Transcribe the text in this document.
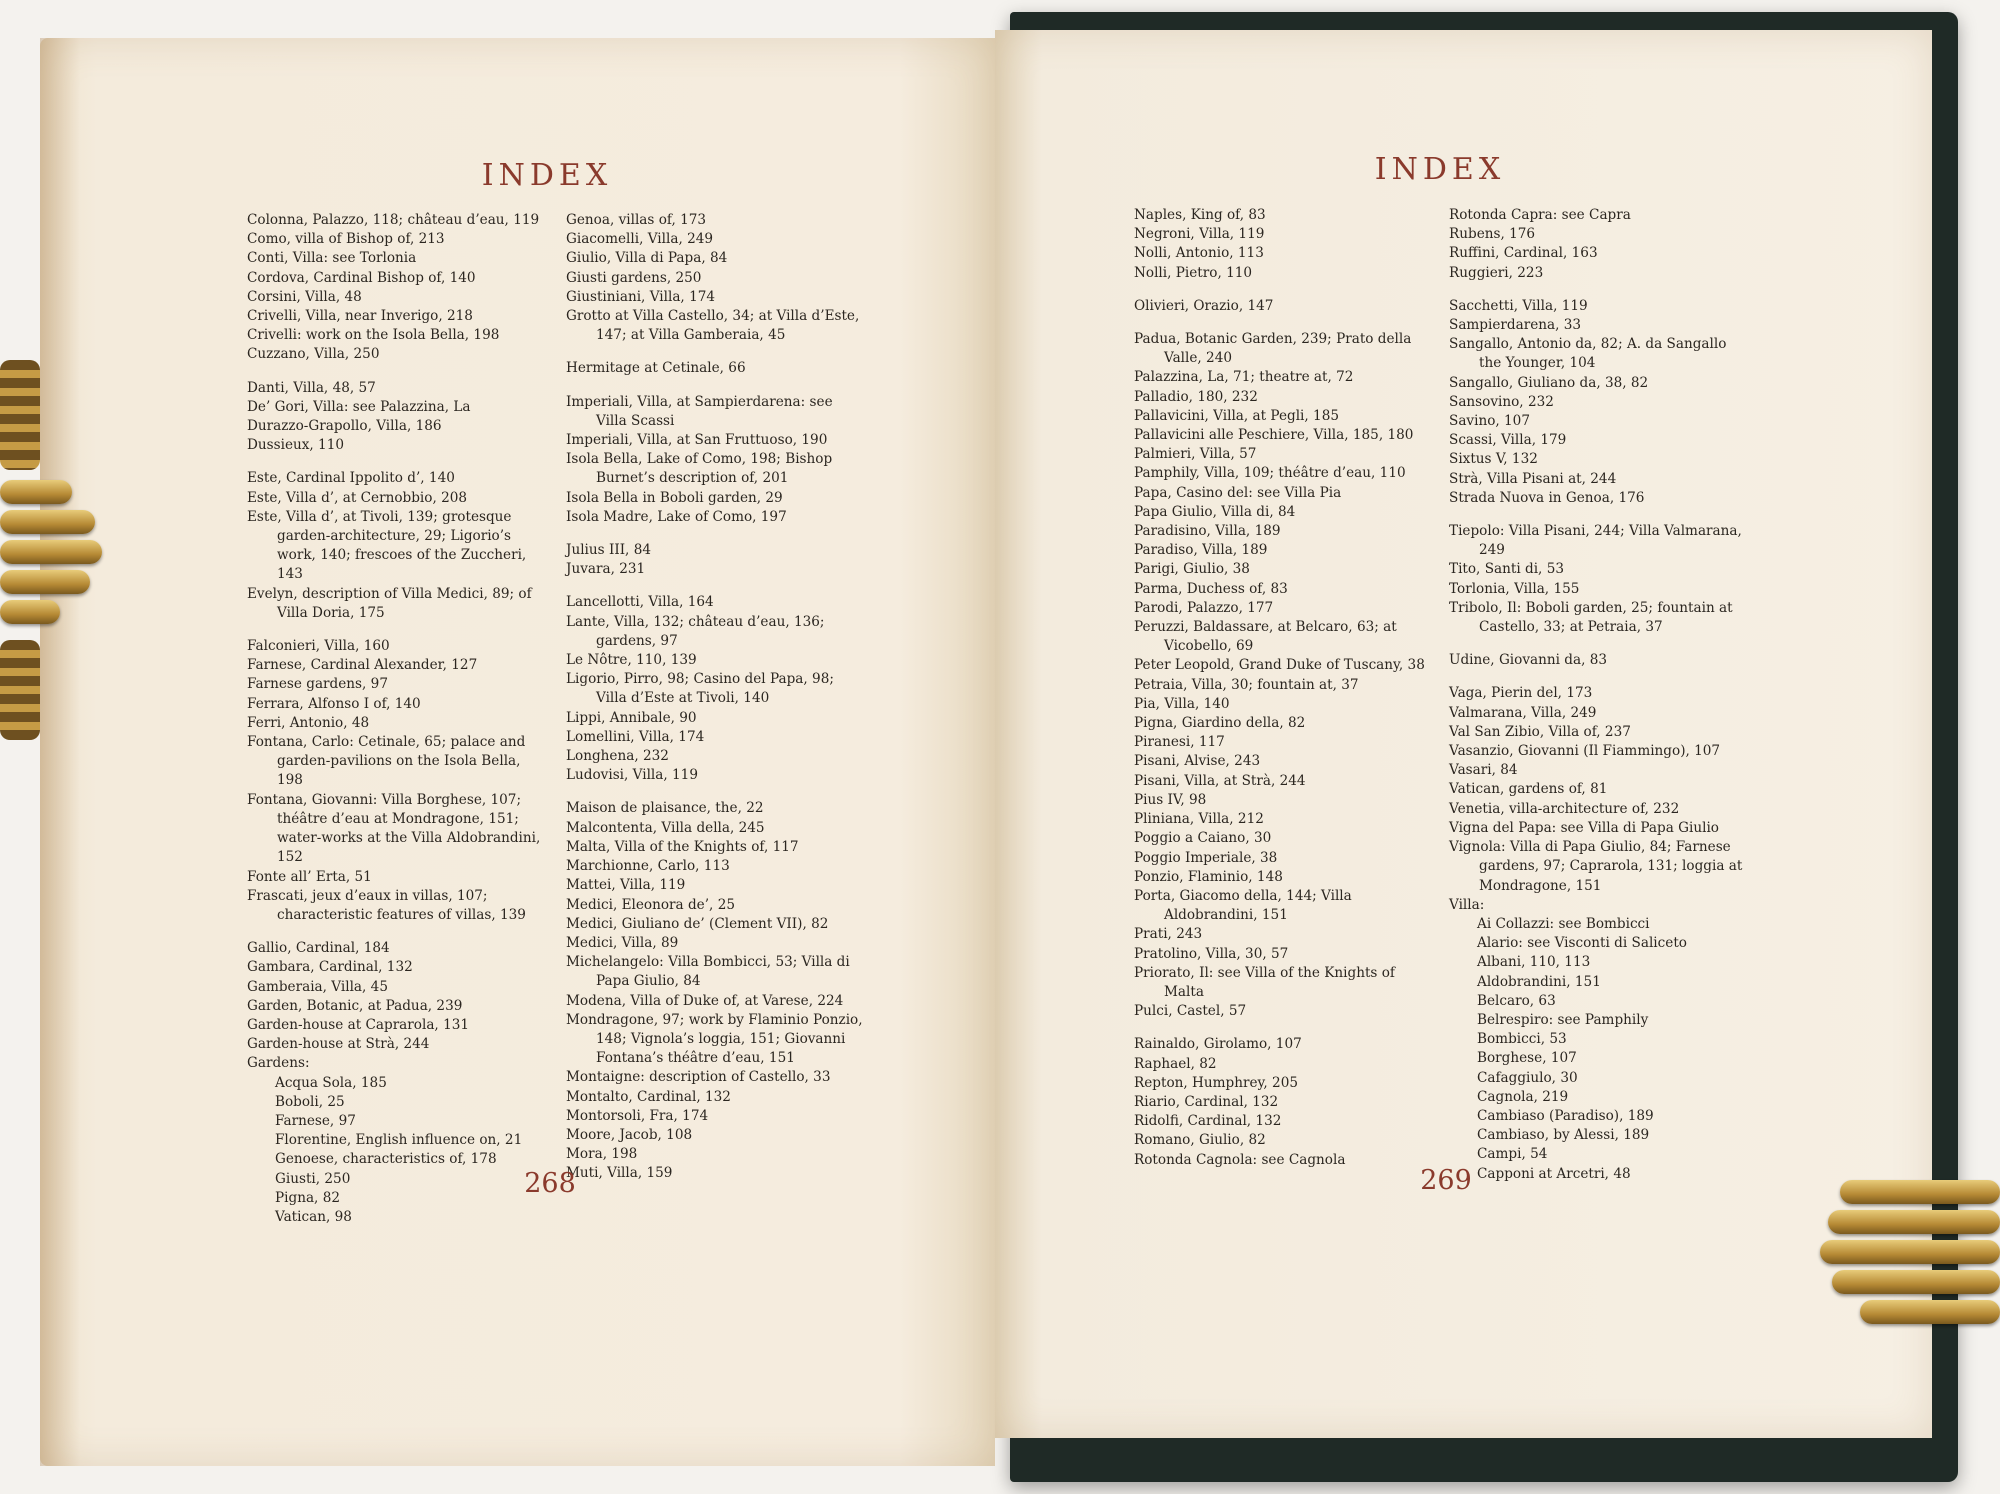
INDEX	INDEX
Colonna, Palazzo, 118; château d’eau, 119
Como, villa of Bishop of, 213
Conti, Villa: see Torlonia
Cordova, Cardinal Bishop of, 140
Corsini, Villa, 48
Crivelli, Villa, near Inverigo, 218
Crivelli: work on the Isola Bella, 198
Cuzzano, Villa, 250
Danti, Villa, 48, 57
De’ Gori, Villa: see Palazzina, La
Durazzo-Grapollo, Villa, 186
Dussieux, 110
Este, Cardinal Ippolito d’, 140
Este, Villa d’, at Cernobbio, 208
Este, Villa d’, at Tivoli, 139; grotesque garden-architecture, 29; Ligorio’s work, 140; frescoes of the Zuccheri, 143
Evelyn, description of Villa Medici, 89; of Villa Doria, 175
Falconieri, Villa, 160
Farnese, Cardinal Alexander, 127
Farnese gardens, 97
Ferrara, Alfonso I of, 140
Ferri, Antonio, 48
Fontana, Carlo: Cetinale, 65; palace and garden-pavilions on the Isola Bella, 198
Fontana, Giovanni: Villa Borghese, 107; théâtre d’eau at Mondragone, 151; water-works at the Villa Aldobrandini, 152
Fonte all’ Erta, 51
Frascati, jeux d’eaux in villas, 107; characteristic features of villas, 139
Gallio, Cardinal, 184
Gambara, Cardinal, 132
Gamberaia, Villa, 45
Garden, Botanic, at Padua, 239
Garden-house at Caprarola, 131
Garden-house at Strà, 244
Gardens:
Acqua Sola, 185
Boboli, 25
Farnese, 97
Florentine, English influence on, 21
Genoese, characteristics of, 178
Giusti, 250
Pigna, 82
Vatican, 98
Genoa, villas of, 173
Giacomelli, Villa, 249
Giulio, Villa di Papa, 84
Giusti gardens, 250
Giustiniani, Villa, 174
Grotto at Villa Castello, 34; at Villa d’Este, 147; at Villa Gamberaia, 45
Hermitage at Cetinale, 66
Imperiali, Villa, at Sampierdarena: see Villa Scassi
Imperiali, Villa, at San Fruttuoso, 190
Isola Bella, Lake of Como, 198; Bishop Burnet’s description of, 201
Isola Bella in Boboli garden, 29
Isola Madre, Lake of Como, 197
Julius III, 84
Juvara, 231
Lancellotti, Villa, 164
Lante, Villa, 132; château d’eau, 136; gardens, 97
Le Nôtre, 110, 139
Ligorio, Pirro, 98; Casino del Papa, 98; Villa d’Este at Tivoli, 140
Lippi, Annibale, 90
Lomellini, Villa, 174
Longhena, 232
Ludovisi, Villa, 119
Maison de plaisance, the, 22
Malcontenta, Villa della, 245
Malta, Villa of the Knights of, 117
Marchionne, Carlo, 113
Mattei, Villa, 119
Medici, Eleonora de’, 25
Medici, Giuliano de’ (Clement VII), 82
Medici, Villa, 89
Michelangelo: Villa Bombicci, 53; Villa di Papa Giulio, 84
Modena, Villa of Duke of, at Varese, 224
Mondragone, 97; work by Flaminio Ponzio, 148; Vignola’s loggia, 151; Giovanni Fontana’s théâtre d’eau, 151
Montaigne: description of Castello, 33
Montalto, Cardinal, 132
Montorsoli, Fra, 174
Moore, Jacob, 108
Mora, 198
Muti, Villa, 159
Naples, King of, 83
Negroni, Villa, 119
Nolli, Antonio, 113
Nolli, Pietro, 110
Olivieri, Orazio, 147
Padua, Botanic Garden, 239; Prato della Valle, 240
Palazzina, La, 71; theatre at, 72
Palladio, 180, 232
Pallavicini, Villa, at Pegli, 185
Pallavicini alle Peschiere, Villa, 185, 180
Palmieri, Villa, 57
Pamphily, Villa, 109; théâtre d’eau, 110
Papa, Casino del: see Villa Pia
Papa Giulio, Villa di, 84
Paradisino, Villa, 189
Paradiso, Villa, 189
Parigi, Giulio, 38
Parma, Duchess of, 83
Parodi, Palazzo, 177
Peruzzi, Baldassare, at Belcaro, 63; at Vicobello, 69
Peter Leopold, Grand Duke of Tuscany, 38
Petraia, Villa, 30; fountain at, 37
Pia, Villa, 140
Pigna, Giardino della, 82
Piranesi, 117
Pisani, Alvise, 243
Pisani, Villa, at Strà, 244
Pius IV, 98
Pliniana, Villa, 212
Poggio a Caiano, 30
Poggio Imperiale, 38
Ponzio, Flaminio, 148
Porta, Giacomo della, 144; Villa Aldobrandini, 151
Prati, 243
Pratolino, Villa, 30, 57
Priorato, Il: see Villa of the Knights of Malta
Pulci, Castel, 57
Rainaldo, Girolamo, 107
Raphael, 82
Repton, Humphrey, 205
Riario, Cardinal, 132
Ridolfi, Cardinal, 132
Romano, Giulio, 82
Rotonda Cagnola: see Cagnola
Rotonda Capra: see Capra
Rubens, 176
Ruffini, Cardinal, 163
Ruggieri, 223
Sacchetti, Villa, 119
Sampierdarena, 33
Sangallo, Antonio da, 82; A. da Sangallo the Younger, 104
Sangallo, Giuliano da, 38, 82
Sansovino, 232
Savino, 107
Scassi, Villa, 179
Sixtus V, 132
Strà, Villa Pisani at, 244
Strada Nuova in Genoa, 176
Tiepolo: Villa Pisani, 244; Villa Valmarana, 249
Tito, Santi di, 53
Torlonia, Villa, 155
Tribolo, Il: Boboli garden, 25; fountain at Castello, 33; at Petraia, 37
Udine, Giovanni da, 83
Vaga, Pierin del, 173
Valmarana, Villa, 249
Val San Zibio, Villa of, 237
Vasanzio, Giovanni (Il Fiammingo), 107
Vasari, 84
Vatican, gardens of, 81
Venetia, villa-architecture of, 232
Vigna del Papa: see Villa di Papa Giulio
Vignola: Villa di Papa Giulio, 84; Farnese gardens, 97; Caprarola, 131; loggia at Mondragone, 151
Villa:
Ai Collazzi: see Bombicci
Alario: see Visconti di Saliceto
Albani, 110, 113
Aldobrandini, 151
Belcaro, 63
Belrespiro: see Pamphily
Bombicci, 53
Borghese, 107
Cafaggiulo, 30
Cagnola, 219
Cambiaso (Paradiso), 189
Cambiaso, by Alessi, 189
Campi, 54
Capponi at Arcetri, 48
268	269
